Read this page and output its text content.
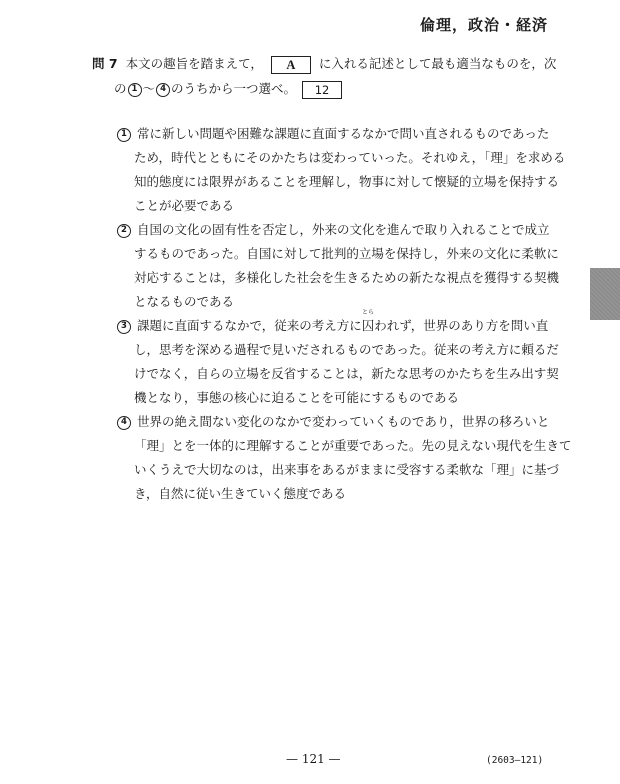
倫理，政治・経済
問 7 本文の趣旨を踏まえて， A に入れる記述として最も適当なものを，次
の 1 〜 4 のうちから一つ選べ。 12
1 常に新しい問題や困難な課題に直面するなかで問い直されるものであった
ため，時代とともにそのかたちは変わっていった。それゆえ，「理」を求める
知的態度には限界があることを理解し，物事に対して懐疑的立場を保持する
ことが必要である
2 自国の文化の固有性を否定し，外来の文化を進んで取り入れることで成立
するものであった。自国に対して批判的立場を保持し，外来の文化に柔軟に
対応することは，多様化した社会を生きるための新たな視点を獲得する契機
となるものである
3 課題に直面するなかで，従来の考え方に
とら
囚われず，世界のあり方を問い直
し，思考を深める過程で見いだされるものであった。従来の考え方に頼るだ
けでなく，自らの立場を反省することは，新たな思考のかたちを生み出す契
機となり，事態の核心に迫ることを可能にするものである
4 世界の絶え間ない変化のなかで変わっていくものであり，世界の移ろいと
「理」とを一体的に理解することが重要であった。先の見えない現代を生きて
いくうえで大切なのは，出来事をあるがままに受容する柔軟な「理」に基づ
き，自然に従い生きていく態度である
— 121 —	(2603—121)
